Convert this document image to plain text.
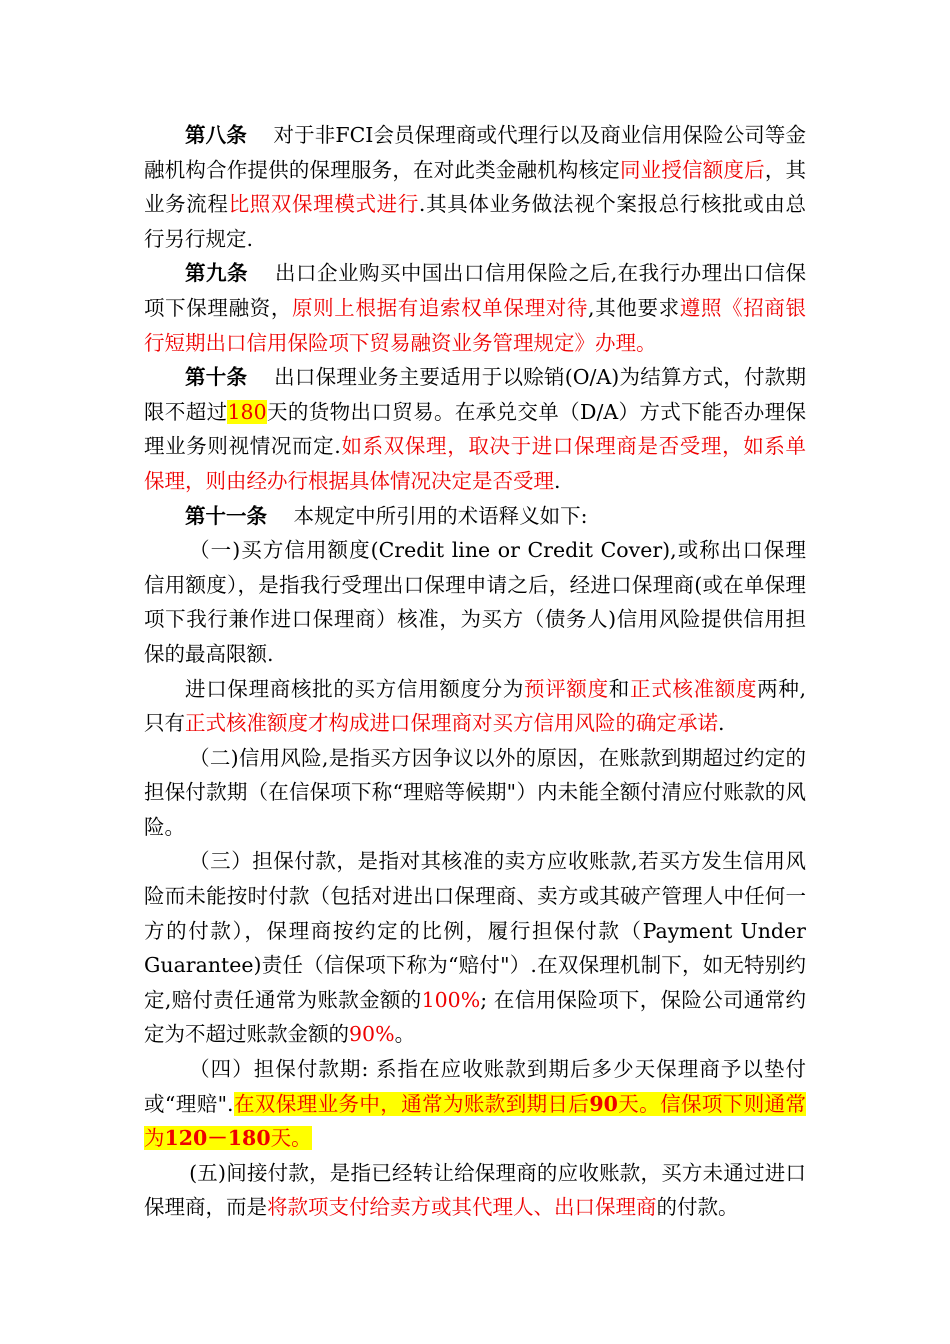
第八条 对于非FCI会员保理商或代理行以及商业信用保险公司等金融机构合作提供的保理服务，在对此类金融机构核定同业授信额度后，其业务流程比照双保理模式进行.其具体业务做法视个案报总行核批或由总行另行规定.

第九条 出口企业购买中国出口信用保险之后,在我行办理出口信保项下保理融资，原则上根据有追索权单保理对待,其他要求遵照《招商银行短期出口信用保险项下贸易融资业务管理规定》办理。

第十条 出口保理业务主要适用于以赊销(O/A)为结算方式，付款期限不超过180天的货物出口贸易。在承兑交单（D/A）方式下能否办理保理业务则视情况而定.如系双保理，取决于进口保理商是否受理，如系单保理，则由经办行根据具体情况决定是否受理.

第十一条 本规定中所引用的术语释义如下:

（一)买方信用额度(Credit line or Credit Cover),或称出口保理信用额度），是指我行受理出口保理申请之后，经进口保理商(或在单保理项下我行兼作进口保理商）核准，为买方（债务人)信用风险提供信用担保的最高限额.

进口保理商核批的买方信用额度分为预评额度和正式核准额度两种,只有正式核准额度才构成进口保理商对买方信用风险的确定承诺.

（二)信用风险,是指买方因争议以外的原因，在账款到期超过约定的担保付款期（在信保项下称“理赔等候期"）内未能全额付清应付账款的风险。

（三）担保付款，是指对其核准的卖方应收账款,若买方发生信用风险而未能按时付款（包括对进出口保理商、卖方或其破产管理人中任何一方的付款），保理商按约定的比例，履行担保付款（Payment Under Guarantee)责任（信保项下称为“赔付"）.在双保理机制下，如无特别约定,赔付责任通常为账款金额的100%; 在信用保险项下，保险公司通常约定为不超过账款金额的90%。

（四）担保付款期: 系指在应收账款到期后多少天保理商予以垫付或“理赔".在双保理业务中，通常为账款到期日后90天。信保项下则通常为120－180天。

(五)间接付款，是指已经转让给保理商的应收账款，买方未通过进口保理商，而是将款项支付给卖方或其代理人、出口保理商的付款。
